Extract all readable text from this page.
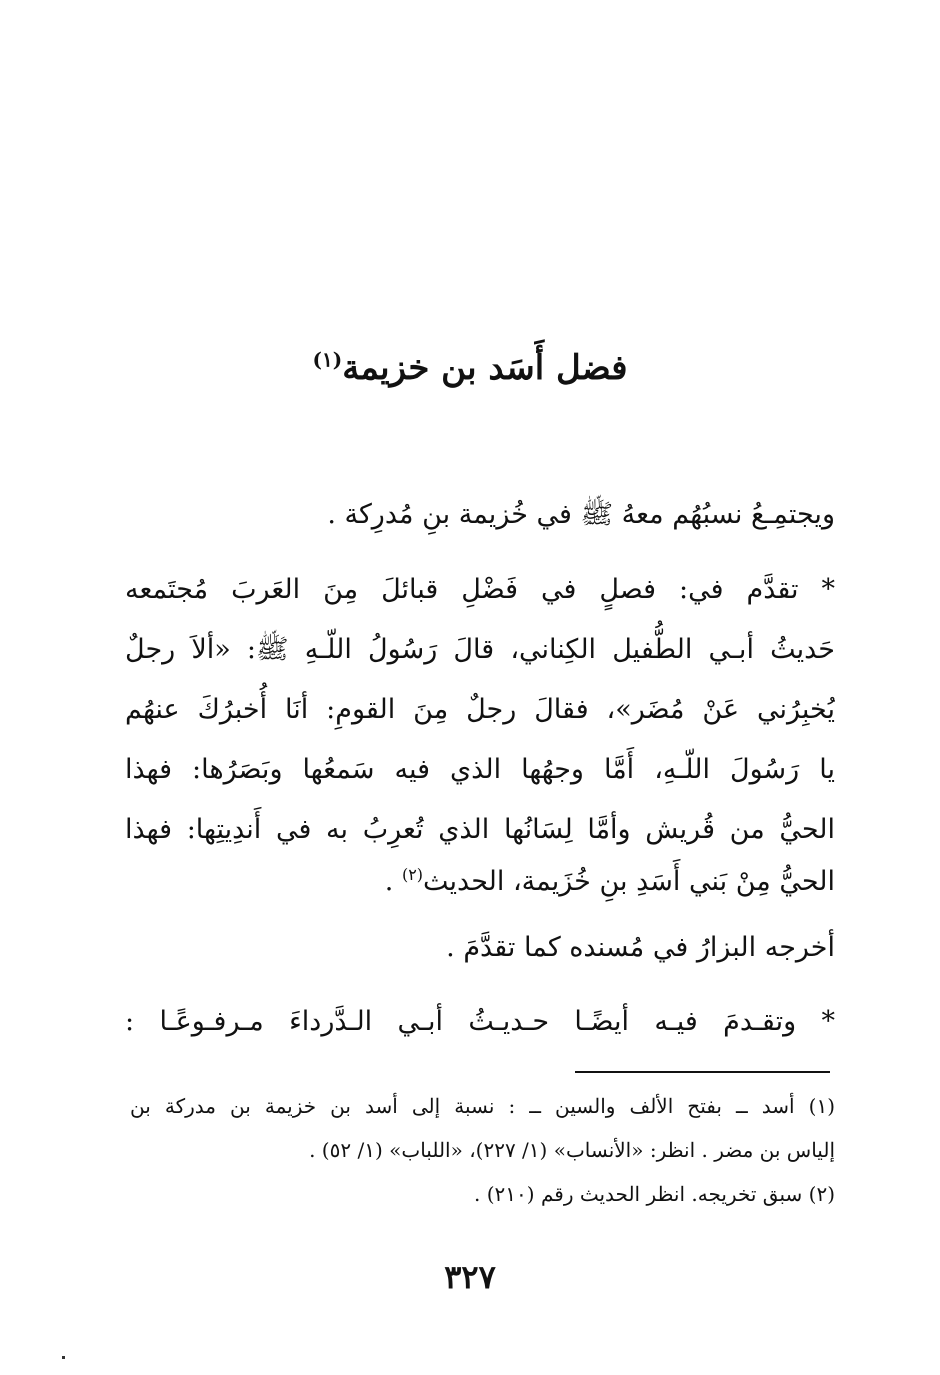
فضل أَسَد بن خزيمة$^{(١)}$
ويجتمِـعُ نسبُهُم معهُ ﷺ في خُزيمة بنِ مُدرِكة .
* تقدَّم في: فصلٍ في فَضْلِ قبائلَ مِنَ العَربَ مُجتَمعه
حَديثُ أبـي الطُّفيل الكِناني، قالَ رَسُولُ اللّـهِ ﷺ: «ألاَ رجلٌ
يُخبِرُني عَنْ مُضَر»، فقالَ رجلٌ مِنَ القومِ: أنَا أُخبرُكَ عنهُم
يا رَسُولَ اللّـهِ، أَمَّا وجهُها الذي فيه سَمعُها وبَصَرُها: فهذا
الحيُّ من قُريش وأمَّا لِسَانُها الذي تُعرِبُ به في أَندِيتِها: فهذا
الحيُّ مِنْ بَني أَسَدِ بنِ خُزَيمة، الحديث$^{(٢)}$ .
أخرجه البزارُ في مُسنده كما تقدَّمَ .
* وتقـدمَ فيـه أيضًـا حـديـثُ أبـي الـدَّرداءَ مـرفـوعًـا :
(١) أسد ــ بفتح الألف والسين ــ : نسبة إلى أسد بن خزيمة بن مدركة بن
إلياس بن مضر . انظر: «الأنساب» (١/ ٢٢٧)، «اللباب» (١/ ٥٢) .
(٢) سبق تخريجه. انظر الحديث رقم (٢١٠) .
٣٢٧
